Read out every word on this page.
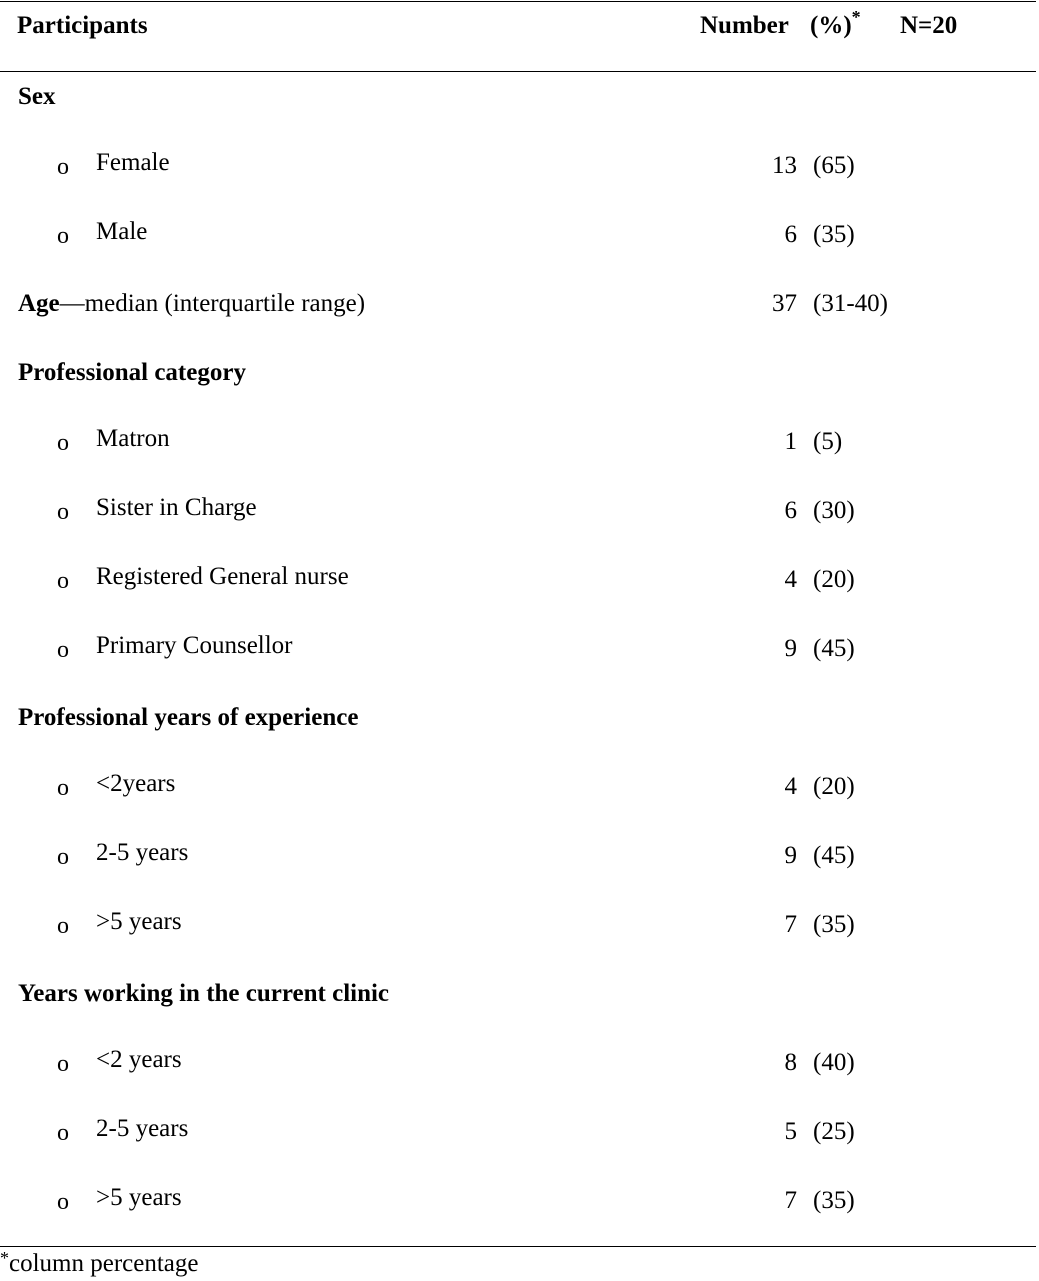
Participants	Number (%)* N=20
Sex
o Female	13 (65)
o Male	6 (35)
Age—median (interquartile range)	37 (31-40)
Professional category
o Matron	1 (5)
o Sister in Charge	6 (30)
o Registered General nurse	4 (20)
o Primary Counsellor	9 (45)
Professional years of experience
o <2years	4 (20)
o 2-5 years	9 (45)
o >5 years	7 (35)
Years working in the current clinic
o <2 years	8 (40)
o 2-5 years	5 (25)
o >5 years	7 (35)
*column percentage
